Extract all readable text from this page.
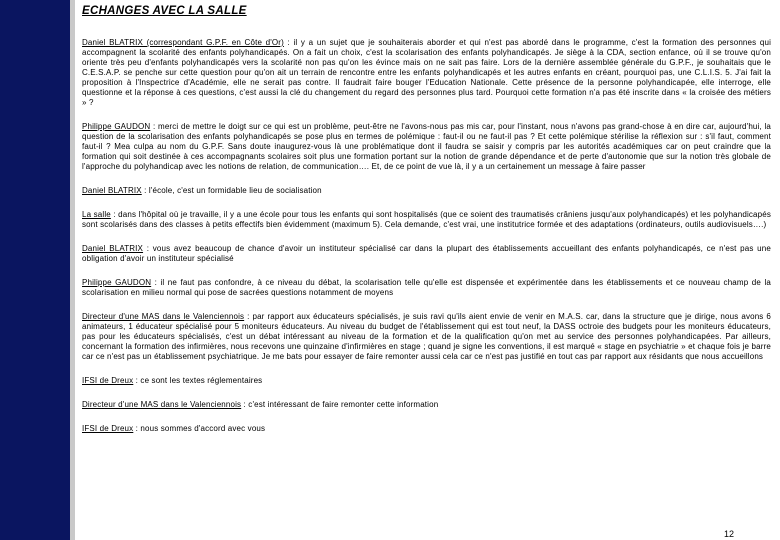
ECHANGES AVEC LA SALLE
Daniel BLATRIX (correspondant G.P.F. en Côte d'Or) : il y a un sujet que je souhaiterais aborder et qui n'est pas abordé dans le programme, c'est la formation des personnes qui accompagnent la scolarité des enfants polyhandicapés. On a fait un choix, c'est la scolarisation des enfants polyhandicapés. Je siège à la CDA, section enfance, où il se trouve qu'on oriente très peu d'enfants polyhandicapés vers la scolarité non pas qu'on les évince mais on ne sait pas faire. Lors de la dernière assemblée générale du G.P.F., je souhaitais que le C.E.S.A.P. se penche sur cette question pour qu'on ait un terrain de rencontre entre les enfants polyhandicapés et les autres enfants en créant, pourquoi pas, une C.L.I.S. 5. J'ai fait la proposition à l'Inspectrice d'Académie, elle ne serait pas contre. Il faudrait faire bouger l'Education Nationale. Cette présence de la personne polyhandicapée, elle interroge, elle questionne et la réponse à ces questions, c'est aussi la clé du changement du regard des personnes plus tard. Pourquoi cette formation n'a pas été inscrite dans « la croisée des métiers » ?
Philippe GAUDON : merci de mettre le doigt sur ce qui est un problème, peut-être ne l'avons-nous pas mis car, pour l'instant, nous n'avons pas grand-chose à en dire car, aujourd'hui, la question de la scolarisation des enfants polyhandicapés se pose plus en termes de polémique : faut-il ou ne faut-il pas ? Et cette polémique stérilise la réflexion sur : s'il faut, comment faut-il ? Mea culpa au nom du G.P.F. Sans doute inaugurez-vous là une problématique dont il faudra se saisir y compris par les autorités académiques car on peut craindre que la formation qui soit destinée à ces accompagnants scolaires soit plus une formation portant sur la notion de grande dépendance et de perte d'autonomie que sur la notion très globale de l'approche du polyhandicap avec les notions de relation, de communication…. Et, de ce point de vue là, il y a un certainement un message à faire passer
Daniel BLATRIX : l'école, c'est un formidable lieu de socialisation
La salle : dans l'hôpital où je travaille, il y a une école pour tous les enfants qui sont hospitalisés (que ce soient des traumatisés crâniens jusqu'aux polyhandicapés) et les polyhandicapés sont scolarisés dans des classes à petits effectifs bien évidemment (maximum 5). Cela demande, c'est vrai, une institutrice formée et des adaptations (ordinateurs, outils audiovisuels….)
Daniel BLATRIX : vous avez beaucoup de chance d'avoir un instituteur spécialisé car dans la plupart des établissements accueillant des enfants polyhandicapés, ce n'est pas une obligation d'avoir un instituteur spécialisé
Philippe GAUDON : il ne faut pas confondre, à ce niveau du débat, la scolarisation telle qu'elle est dispensée et expérimentée dans les établissements et ce nouveau champ de la scolarisation en milieu normal qui pose de sacrées questions notamment de moyens
Directeur d'une MAS dans le Valenciennois : par rapport aux éducateurs spécialisés, je suis ravi qu'ils aient envie de venir en M.A.S. car, dans la structure que je dirige, nous avons 6 animateurs, 1 éducateur spécialisé pour 5 moniteurs éducateurs. Au niveau du budget de l'établissement qui est tout neuf, la DASS octroie des budgets pour les moniteurs éducateurs, pas pour les éducateurs spécialisés, c'est un débat intéressant au niveau de la formation et de la qualification qu'on met au service des personnes polyhandicapées. Par ailleurs, concernant la formation des infirmières, nous recevons une quinzaine d'infirmières en stage ; quand je signe les conventions, il est marqué « stage en psychiatrie » et chaque fois je barre car ce n'est pas un établissement psychiatrique. Je me bats pour essayer de faire remonter aussi cela car ce n'est pas justifié en tout cas par rapport aux résidants que nous accueillons
IFSI de Dreux : ce sont les textes réglementaires
Directeur d'une MAS dans le Valenciennois : c'est intéressant de faire remonter cette information
IFSI de Dreux : nous sommes d'accord avec vous
12
